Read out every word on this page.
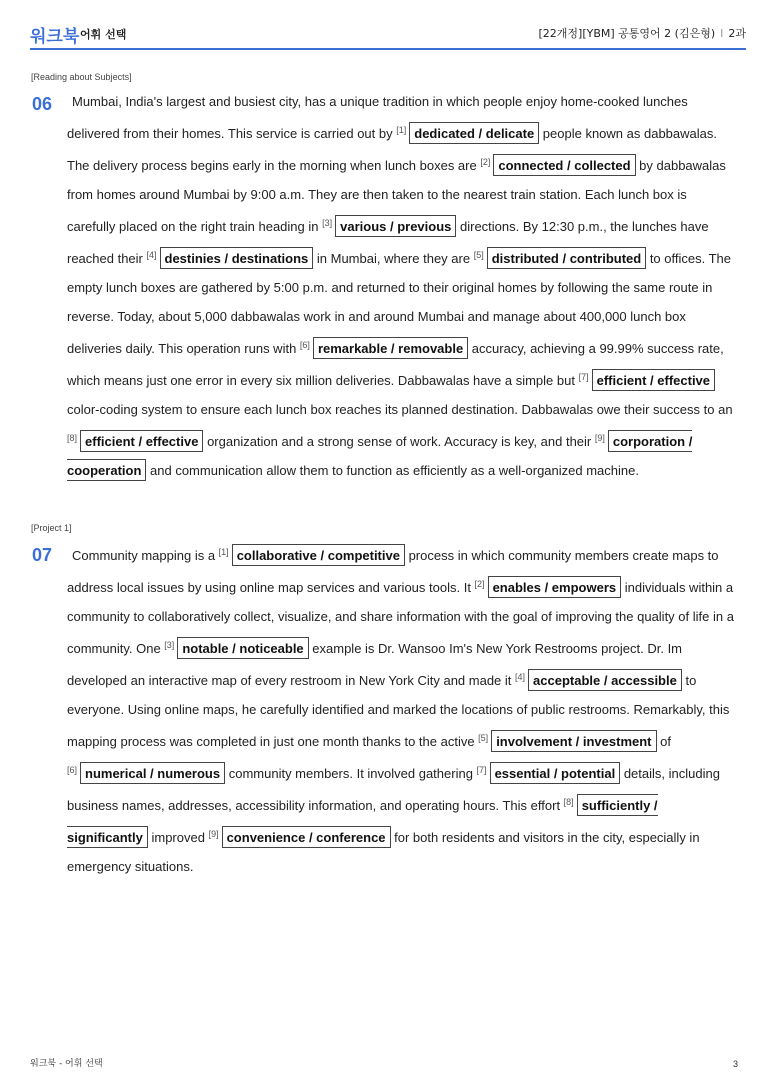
워크북 어휘 선택	[22개정][YBM] 공통영어 2 (김은형) I 2과
[Reading about Subjects]
06	Mumbai, India's largest and busiest city, has a unique tradition in which people enjoy home-cooked lunches delivered from their homes. This service is carried out by [1] dedicated / delicate people known as dabbawalas. The delivery process begins early in the morning when lunch boxes are [2] connected / collected by dabbawalas from homes around Mumbai by 9:00 a.m. They are then taken to the nearest train station. Each lunch box is carefully placed on the right train heading in [3] various / previous directions. By 12:30 p.m., the lunches have reached their [4] destinies / destinations in Mumbai, where they are [5] distributed / contributed to offices. The empty lunch boxes are gathered by 5:00 p.m. and returned to their original homes by following the same route in reverse. Today, about 5,000 dabbawalas work in and around Mumbai and manage about 400,000 lunch box deliveries daily. This operation runs with [6] remarkable / removable accuracy, achieving a 99.99% success rate, which means just one error in every six million deliveries. Dabbawalas have a simple but [7] efficient / effective color-coding system to ensure each lunch box reaches its planned destination. Dabbawalas owe their success to an [8] efficient / effective organization and a strong sense of work. Accuracy is key, and their [9] corporation / cooperation and communication allow them to function as efficiently as a well-organized machine.

[Project 1]
07	Community mapping is a [1] collaborative / competitive process in which community members create maps to address local issues by using online map services and various tools. It [2] enables / empowers individuals within a community to collaboratively collect, visualize, and share information with the goal of improving the quality of life in a community. One [3] notable / noticeable example is Dr. Wansoo Im's New York Restrooms project. Dr. Im developed an interactive map of every restroom in New York City and made it [4] acceptable / accessible to everyone. Using online maps, he carefully identified and marked the locations of public restrooms. Remarkably, this mapping process was completed in just one month thanks to the active [5] involvement / investment of [6] numerical / numerous community members. It involved gathering [7] essential / potential details, including business names, addresses, accessibility information, and operating hours. This effort [8] sufficiently / significantly improved [9] convenience / conference for both residents and visitors in the city, especially in emergency situations.

워크북 - 어휘 선택	3
